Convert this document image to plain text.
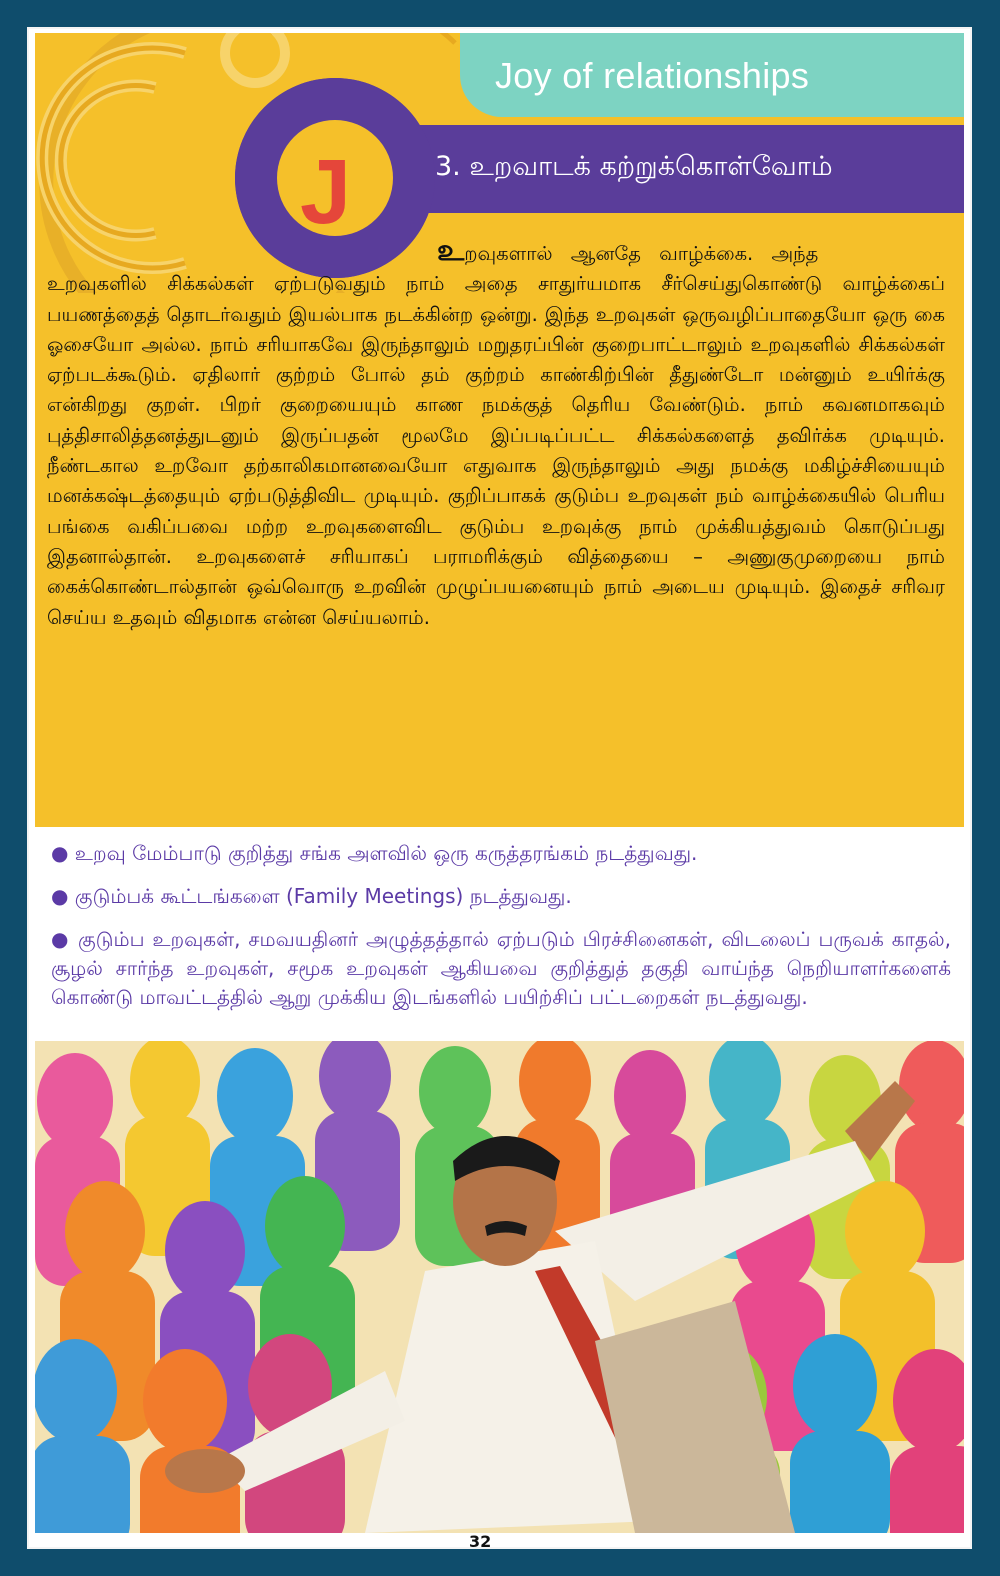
Joy of relationships
J	3. உறவாடக் கற்றுக்கொள்வோம்
உறவுகளால் ஆனதே வாழ்க்கை. அந்த
உறவுகளில் சிக்கல்கள் ஏற்படுவதும் நாம் அதை சாதுர்யமாக சீர்செய்துகொண்டு வாழ்க்கைப் பயணத்தைத் தொடர்வதும் இயல்பாக நடக்கின்ற ஒன்று. இந்த உறவுகள் ஒருவழிப்பாதையோ ஒரு கை ஓசையோ அல்ல. நாம் சரியாகவே இருந்தாலும் மறுதரப்பின் குறைபாட்டாலும் உறவுகளில் சிக்கல்கள் ஏற்படக்கூடும். ஏதிலார் குற்றம் போல் தம் குற்றம் காண்கிற்பின் தீதுண்டோ மன்னும் உயிர்க்கு என்கிறது குறள். பிறர் குறையையும் காண நமக்குத் தெரிய வேண்டும். நாம் கவனமாகவும் புத்திசாலித்தனத்துடனும் இருப்பதன் மூலமே இப்படிப்பட்ட சிக்கல்களைத் தவிர்க்க முடியும். நீண்டகால உறவோ தற்காலிகமானவையோ எதுவாக இருந்தாலும் அது நமக்கு மகிழ்ச்சியையும் மனக்கஷ்டத்தையும் ஏற்படுத்திவிட முடியும். குறிப்பாகக் குடும்ப உறவுகள் நம் வாழ்க்கையில் பெரிய பங்கை வகிப்பவை மற்ற உறவுகளைவிட குடும்ப உறவுக்கு நாம் முக்கியத்துவம் கொடுப்பது இதனால்தான். உறவுகளைச் சரியாகப் பராமரிக்கும் வித்தையை – அணுகுமுறையை நாம் கைக்கொண்டால்தான் ஒவ்வொரு உறவின் முழுப்பயனையும் நாம் அடைய முடியும். இதைச் சரிவர செய்ய உதவும் விதமாக என்ன செய்யலாம்.
● உறவு மேம்பாடு குறித்து சங்க அளவில் ஒரு கருத்தரங்கம் நடத்துவது.
● குடும்பக் கூட்டங்களை (Family Meetings) நடத்துவது.
● குடும்ப உறவுகள், சமவயதினர் அழுத்தத்தால் ஏற்படும் பிரச்சினைகள், விடலைப் பருவக் காதல், சூழல் சார்ந்த உறவுகள், சமூக உறவுகள் ஆகியவை குறித்துத் தகுதி வாய்ந்த நெறியாளர்களைக் கொண்டு மாவட்டத்தில் ஆறு முக்கிய இடங்களில் பயிற்சிப் பட்டறைகள் நடத்துவது.
32
